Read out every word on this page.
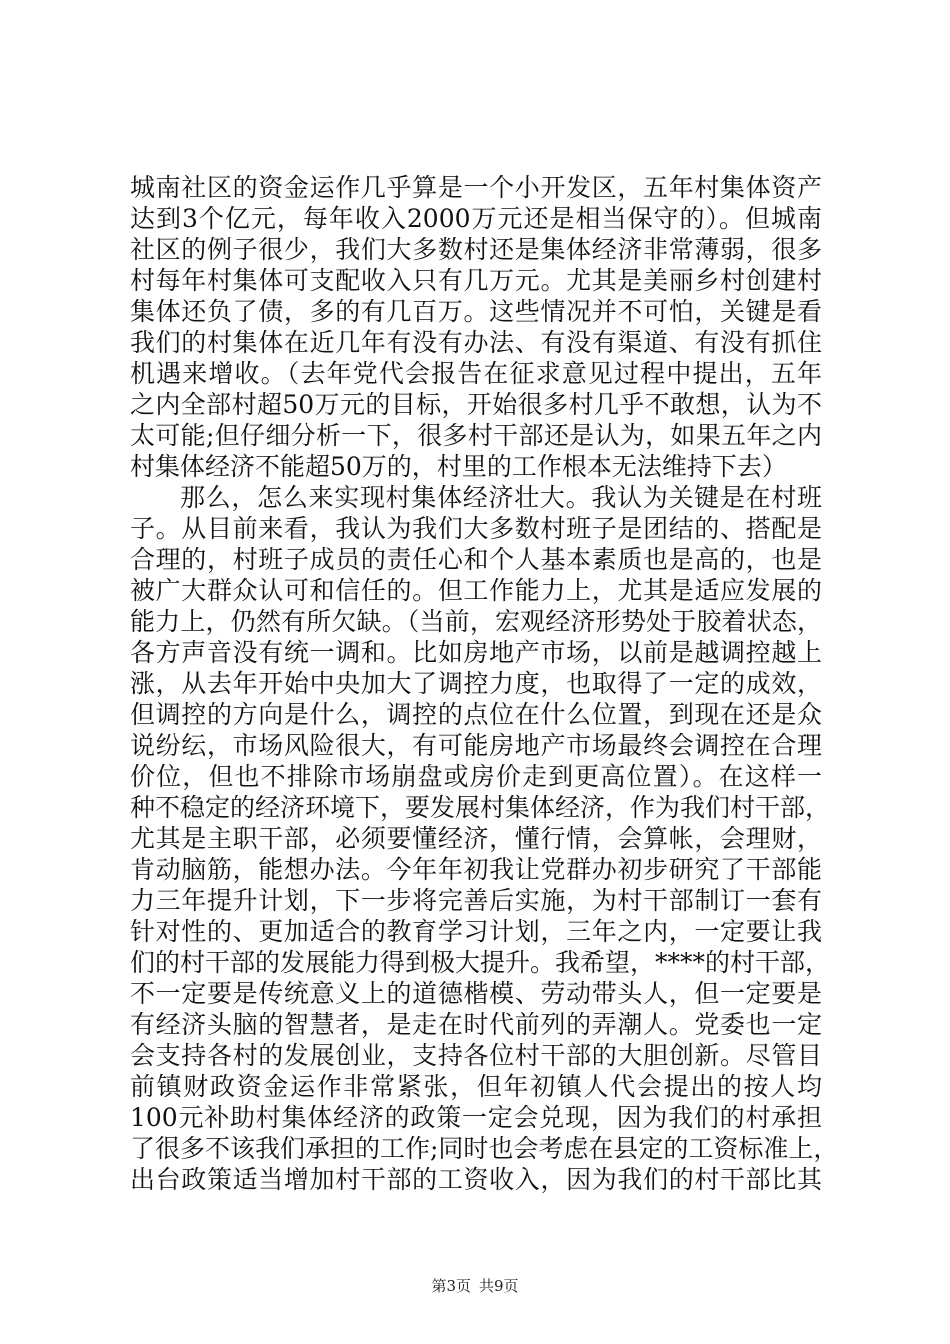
城南社区的资金运作几乎算是一个小开发区，五年村集体资产
达到3个亿元，每年收入2000万元还是相当保守的）。但城南
社区的例子很少，我们大多数村还是集体经济非常薄弱，很多
村每年村集体可支配收入只有几万元。尤其是美丽乡村创建村
集体还负了债，多的有几百万。这些情况并不可怕，关键是看
我们的村集体在近几年有没有办法、有没有渠道、有没有抓住
机遇来增收。（去年党代会报告在征求意见过程中提出，五年
之内全部村超50万元的目标，开始很多村几乎不敢想，认为不
太可能;但仔细分析一下，很多村干部还是认为，如果五年之内
村集体经济不能超50万的，村里的工作根本无法维持下去）
那么，怎么来实现村集体经济壮大。我认为关键是在村班
子。从目前来看，我认为我们大多数村班子是团结的、搭配是
合理的，村班子成员的责任心和个人基本素质也是高的，也是
被广大群众认可和信任的。但工作能力上，尤其是适应发展的
能力上，仍然有所欠缺。（当前，宏观经济形势处于胶着状态，
各方声音没有统一调和。比如房地产市场，以前是越调控越上
涨，从去年开始中央加大了调控力度，也取得了一定的成效，
但调控的方向是什么，调控的点位在什么位置，到现在还是众
说纷纭，市场风险很大，有可能房地产市场最终会调控在合理
价位，但也不排除市场崩盘或房价走到更高位置）。在这样一
种不稳定的经济环境下，要发展村集体经济，作为我们村干部，
尤其是主职干部，必须要懂经济，懂行情，会算帐，会理财，
肯动脑筋，能想办法。今年年初我让党群办初步研究了干部能
力三年提升计划，下一步将完善后实施，为村干部制订一套有
针对性的、更加适合的教育学习计划，三年之内，一定要让我
们的村干部的发展能力得到极大提升。我希望，****的村干部，
不一定要是传统意义上的道德楷模、劳动带头人，但一定要是
有经济头脑的智慧者，是走在时代前列的弄潮人。党委也一定
会支持各村的发展创业，支持各位村干部的大胆创新。尽管目
前镇财政资金运作非常紧张，但年初镇人代会提出的按人均
100元补助村集体经济的政策一定会兑现，因为我们的村承担
了很多不该我们承担的工作;同时也会考虑在县定的工资标准上，
出台政策适当增加村干部的工资收入，因为我们的村干部比其
第3页 共9页
